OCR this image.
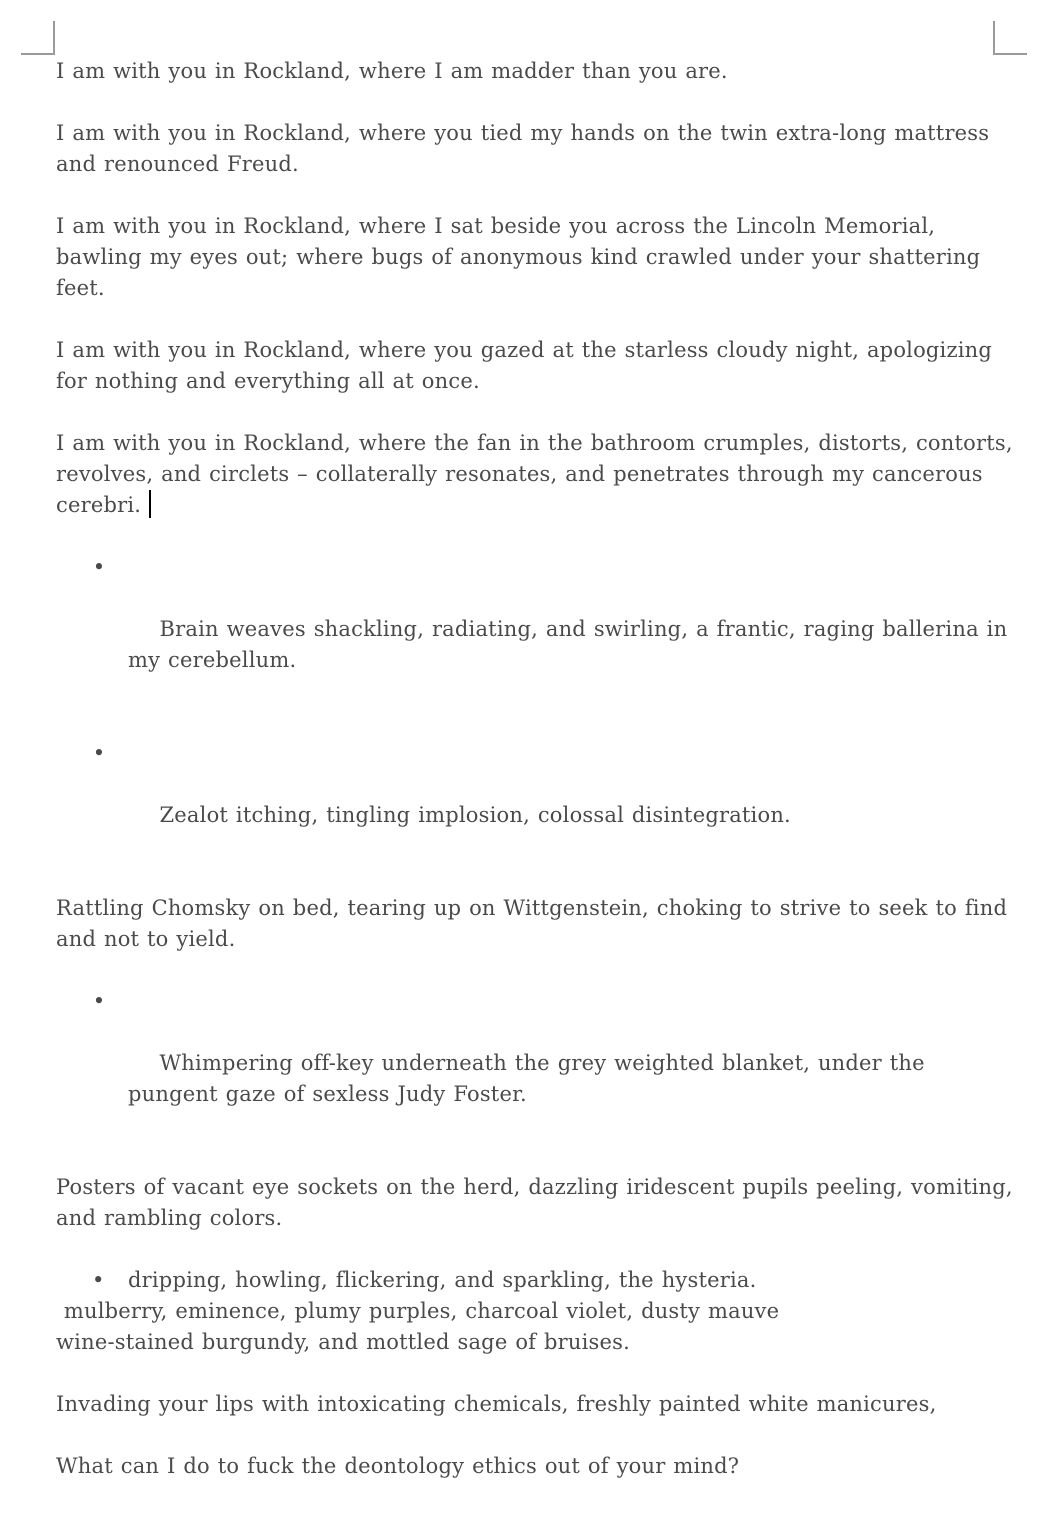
I am with you in Rockland, where I am madder than you are.

I am with you in Rockland, where you tied my hands on the twin extra-long mattress and renounced Freud.

I am with you in Rockland, where I sat beside you across the Lincoln Memorial, bawling my eyes out; where bugs of anonymous kind crawled under your shattering feet.

I am with you in Rockland, where you gazed at the starless cloudy night, apologizing for nothing and everything all at once.

I am with you in Rockland, where the fan in the bathroom crumples, distorts, contorts, revolves, and circlets – collaterally resonates, and penetrates through my cancerous cerebri.

•

Brain weaves shackling, radiating, and swirling, a frantic, raging ballerina in my cerebellum.

•

Zealot itching, tingling implosion, colossal disintegration.

Rattling Chomsky on bed, tearing up on Wittgenstein, choking to strive to seek to find and not to yield.

•

Whimpering off-key underneath the grey weighted blanket, under the pungent gaze of sexless Judy Foster.

Posters of vacant eye sockets on the herd, dazzling iridescent pupils peeling, vomiting, and rambling colors.

• dripping, howling, flickering, and sparkling, the hysteria.
mulberry, eminence, plumy purples, charcoal violet, dusty mauve
wine-stained burgundy, and mottled sage of bruises.

Invading your lips with intoxicating chemicals, freshly painted white manicures,

What can I do to fuck the deontology ethics out of your mind?
